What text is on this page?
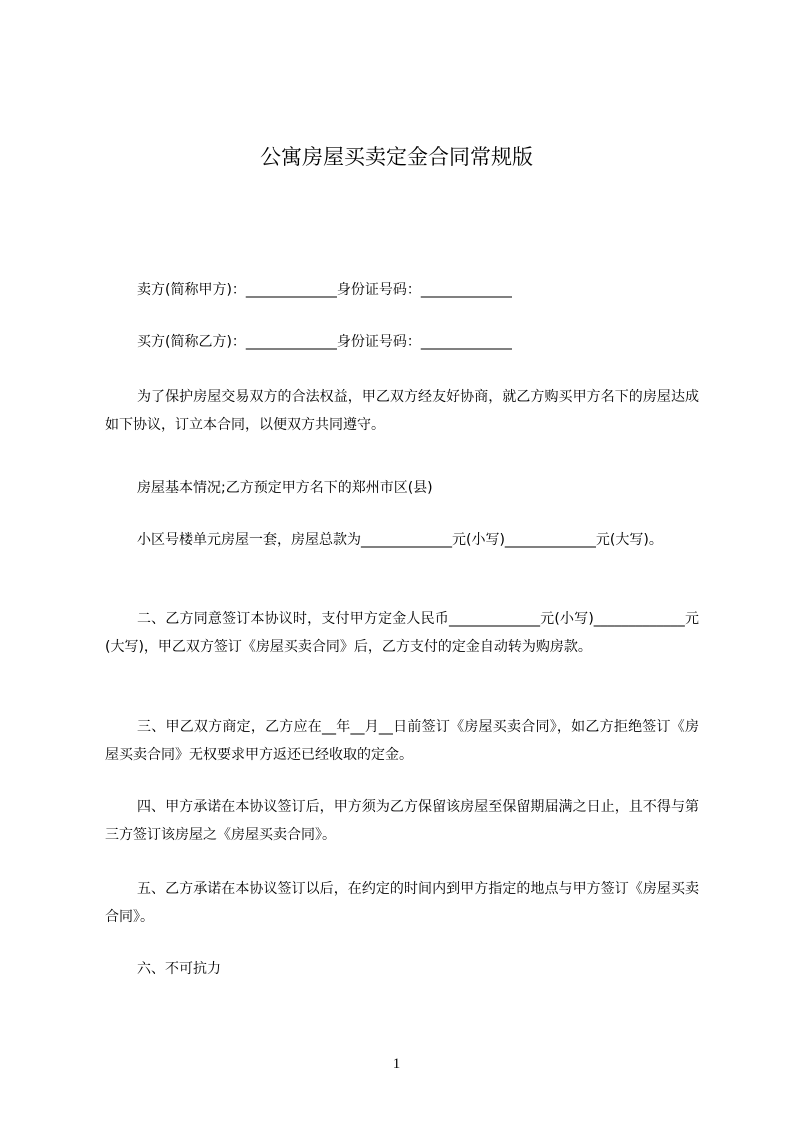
公寓房屋买卖定金合同常规版

卖方(简称甲方)：_____________身份证号码：_____________

买方(简称乙方)：_____________身份证号码：_____________

为了保护房屋交易双方的合法权益，甲乙双方经友好协商，就乙方购买甲方名下的房屋达成如下协议，订立本合同，以便双方共同遵守。

房屋基本情况;乙方预定甲方名下的郑州市区(县)

小区号楼单元房屋一套，房屋总款为_____________元(小写)_____________元(大写)。

二、乙方同意签订本协议时，支付甲方定金人民币_____________元(小写)_____________元(大写)，甲乙双方签订《房屋买卖合同》后，乙方支付的定金自动转为购房款。

三、甲乙双方商定，乙方应在__年__月__日前签订《房屋买卖合同》，如乙方拒绝签订《房屋买卖合同》无权要求甲方返还已经收取的定金。

四、甲方承诺在本协议签订后，甲方须为乙方保留该房屋至保留期届满之日止，且不得与第三方签订该房屋之《房屋买卖合同》。

五、乙方承诺在本协议签订以后，在约定的时间内到甲方指定的地点与甲方签订《房屋买卖合同》。

六、不可抗力

1
